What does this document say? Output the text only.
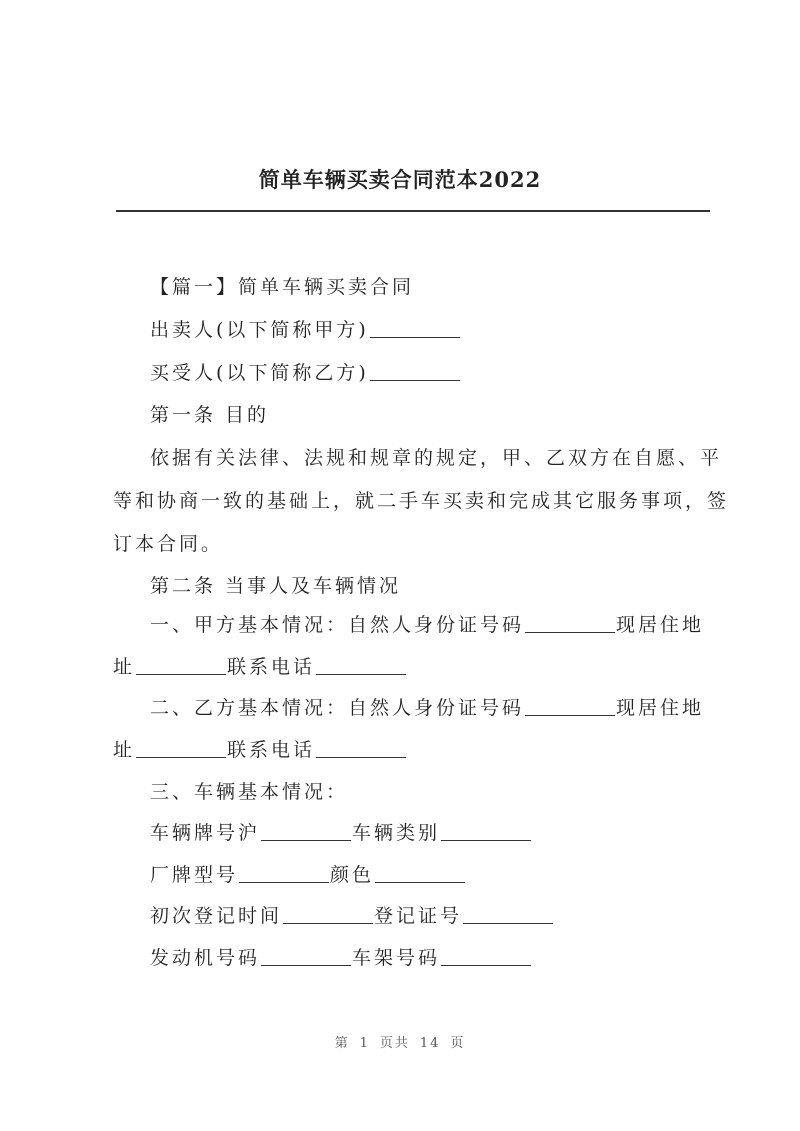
简单车辆买卖合同范本2022
【篇一】简单车辆买卖合同
出卖人(以下简称甲方)
买受人(以下简称乙方)
第一条 目的
依据有关法律、法规和规章的规定，甲、乙双方在自愿、平
等和协商一致的基础上，就二手车买卖和完成其它服务事项，签
订本合同。
第二条 当事人及车辆情况
一、甲方基本情况：自然人身份证号码	现居住地
址	联系电话
二、乙方基本情况：自然人身份证号码	现居住地
址	联系电话
三、车辆基本情况：
车辆牌号沪	车辆类别
厂牌型号	颜色
初次登记时间	登记证号
发动机号码	车架号码
第 1 页共 14 页
